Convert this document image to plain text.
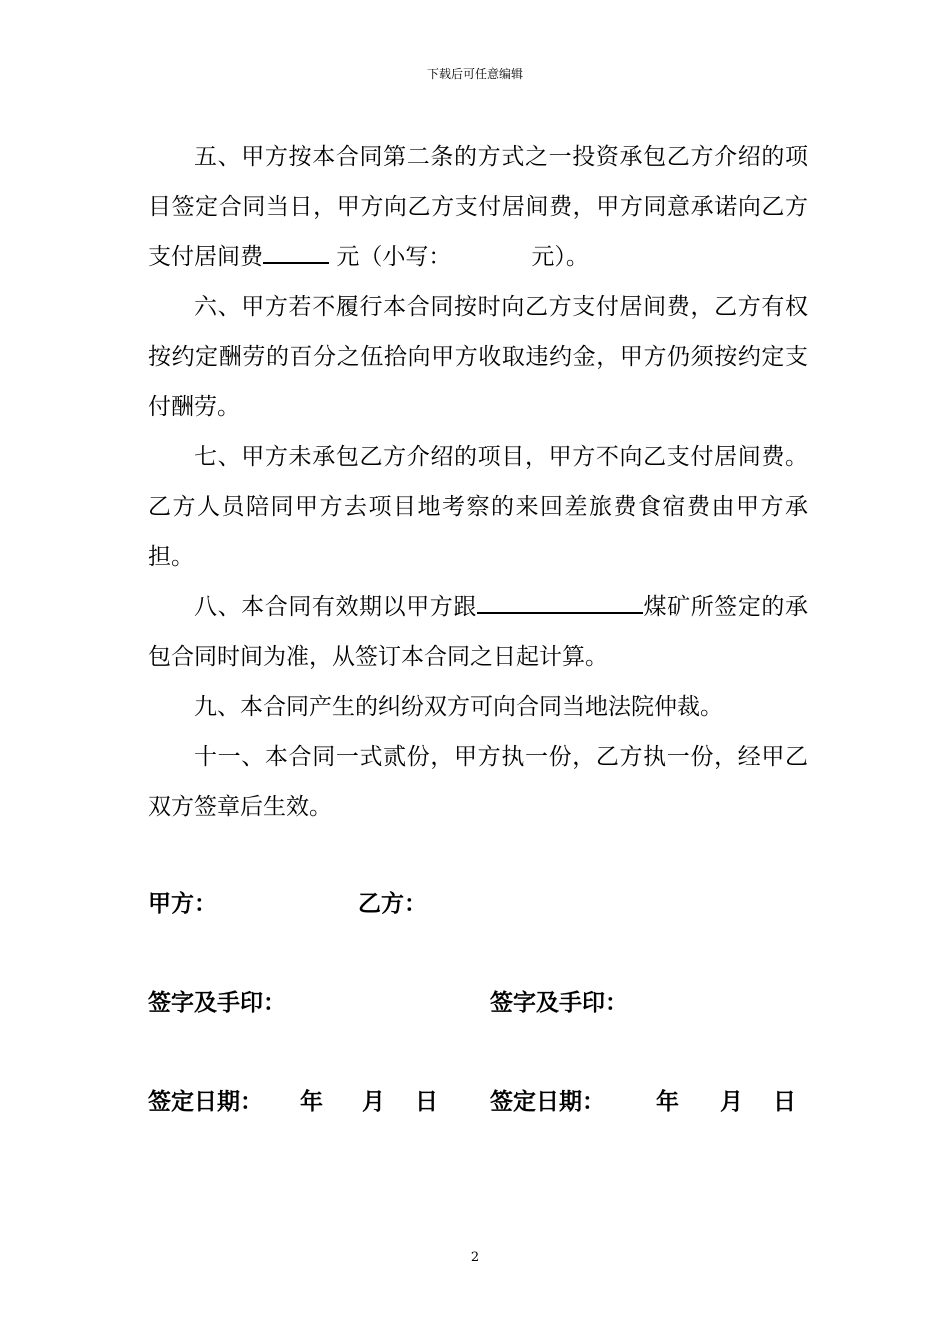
下载后可任意编辑

五、甲方按本合同第二条的方式之一投资承包乙方介绍的项目签定合同当日，甲方向乙方支付居间费，甲方同意承诺向乙方支付居间费	元（小写：	元）。

六、甲方若不履行本合同按时向乙方支付居间费，乙方有权按约定酬劳的百分之伍拾向甲方收取违约金，甲方仍须按约定支付酬劳。

七、甲方未承包乙方介绍的项目，甲方不向乙支付居间费。乙方人员陪同甲方去项目地考察的来回差旅费食宿费由甲方承担。

八、本合同有效期以甲方跟	煤矿所签定的承包合同时间为准，从签订本合同之日起计算。

九、本合同产生的纠纷双方可向合同当地法院仲裁。

十一、本合同一式贰份，甲方执一份，乙方执一份，经甲乙双方签章后生效。

甲方：	乙方：
签字及手印：	签字及手印：
签定日期： 年 月 日 签定日期： 年 月 日
2
